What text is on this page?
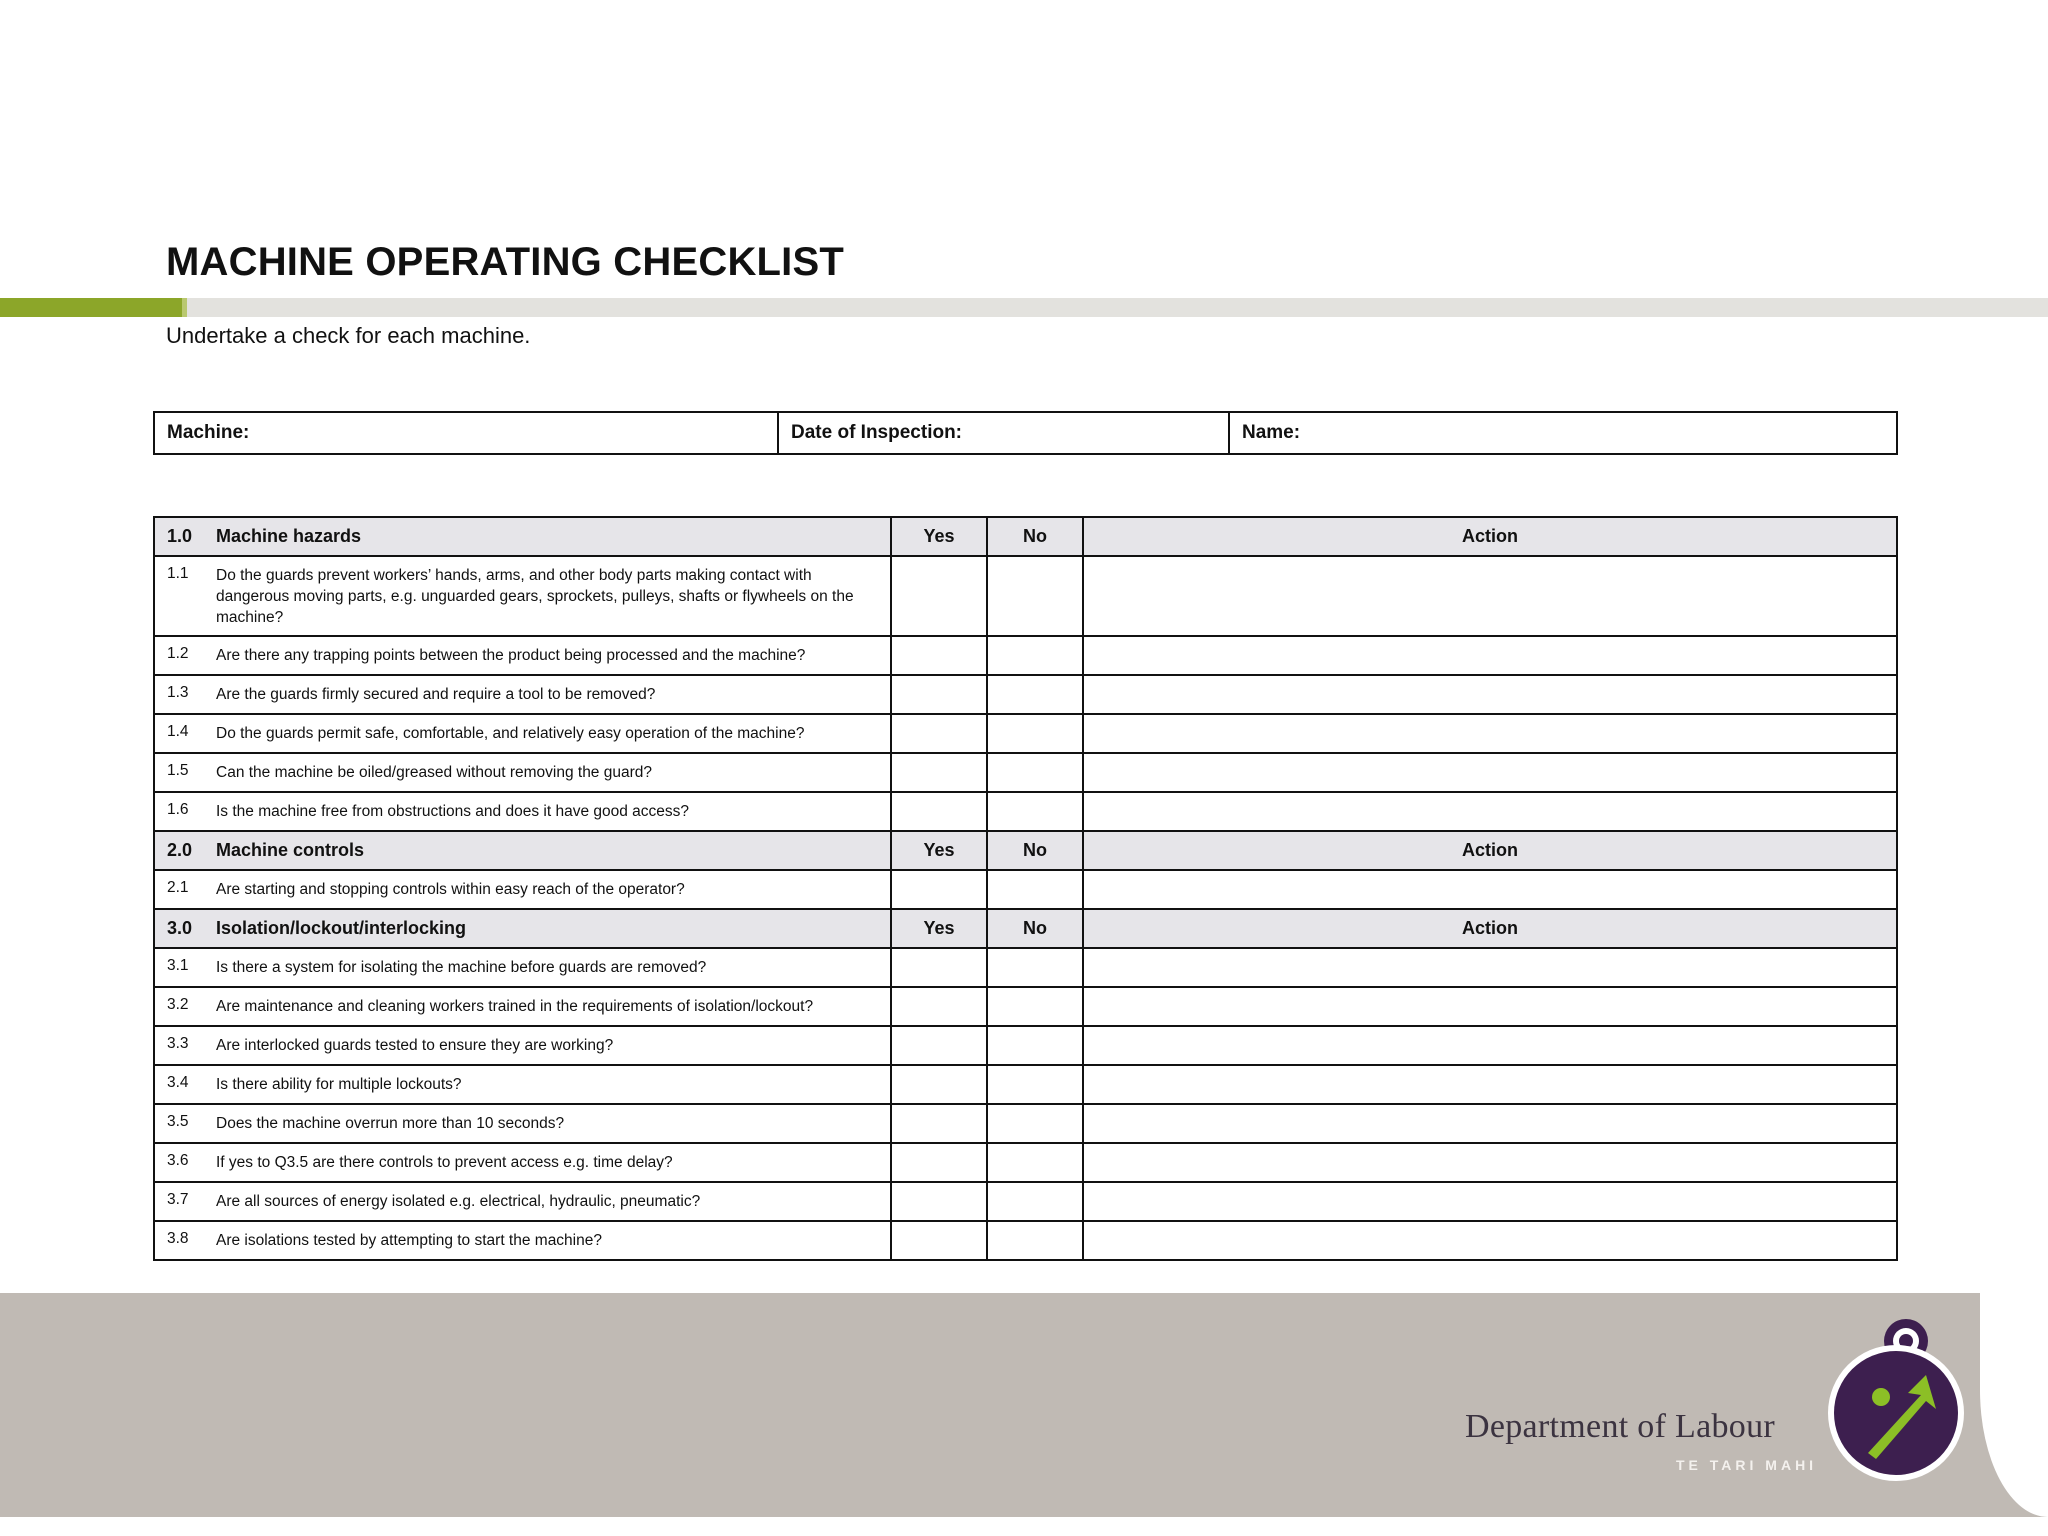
MACHINE OPERATING CHECKLIST
Undertake a check for each machine.
Machine:	Date of Inspection:	Name:
1.0 Machine hazards	Yes	No	Action

1.1 Do the guards prevent workers’ hands, arms, and other body parts making contact with dangerous moving parts, e.g. unguarded gears, sprockets, pulleys, shafts or flywheels on the machine?			

1.2 Are there any trapping points between the product being processed and the machine?			

1.3 Are the guards firmly secured and require a tool to be removed?			

1.4 Do the guards permit safe, comfortable, and relatively easy operation of the machine?			

1.5 Can the machine be oiled/greased without removing the guard?			

1.6 Is the machine free from obstructions and does it have good access?			

2.0 Machine controls	Yes	No	Action

2.1 Are starting and stopping controls within easy reach of the operator?			

3.0 Isolation/lockout/interlocking	Yes	No	Action

3.1 Is there a system for isolating the machine before guards are removed?			

3.2 Are maintenance and cleaning workers trained in the requirements of isolation/lockout?			

3.3 Are interlocked guards tested to ensure they are working?			

3.4 Is there ability for multiple lockouts?			

3.5 Does the machine overrun more than 10 seconds?			

3.6 If yes to Q3.5 are there controls to prevent access e.g. time delay?			

3.7 Are all sources of energy isolated e.g. electrical, hydraulic, pneumatic?			

3.8 Are isolations tested by attempting to start the machine?			

Department of Labour
TE TARI MAHI
